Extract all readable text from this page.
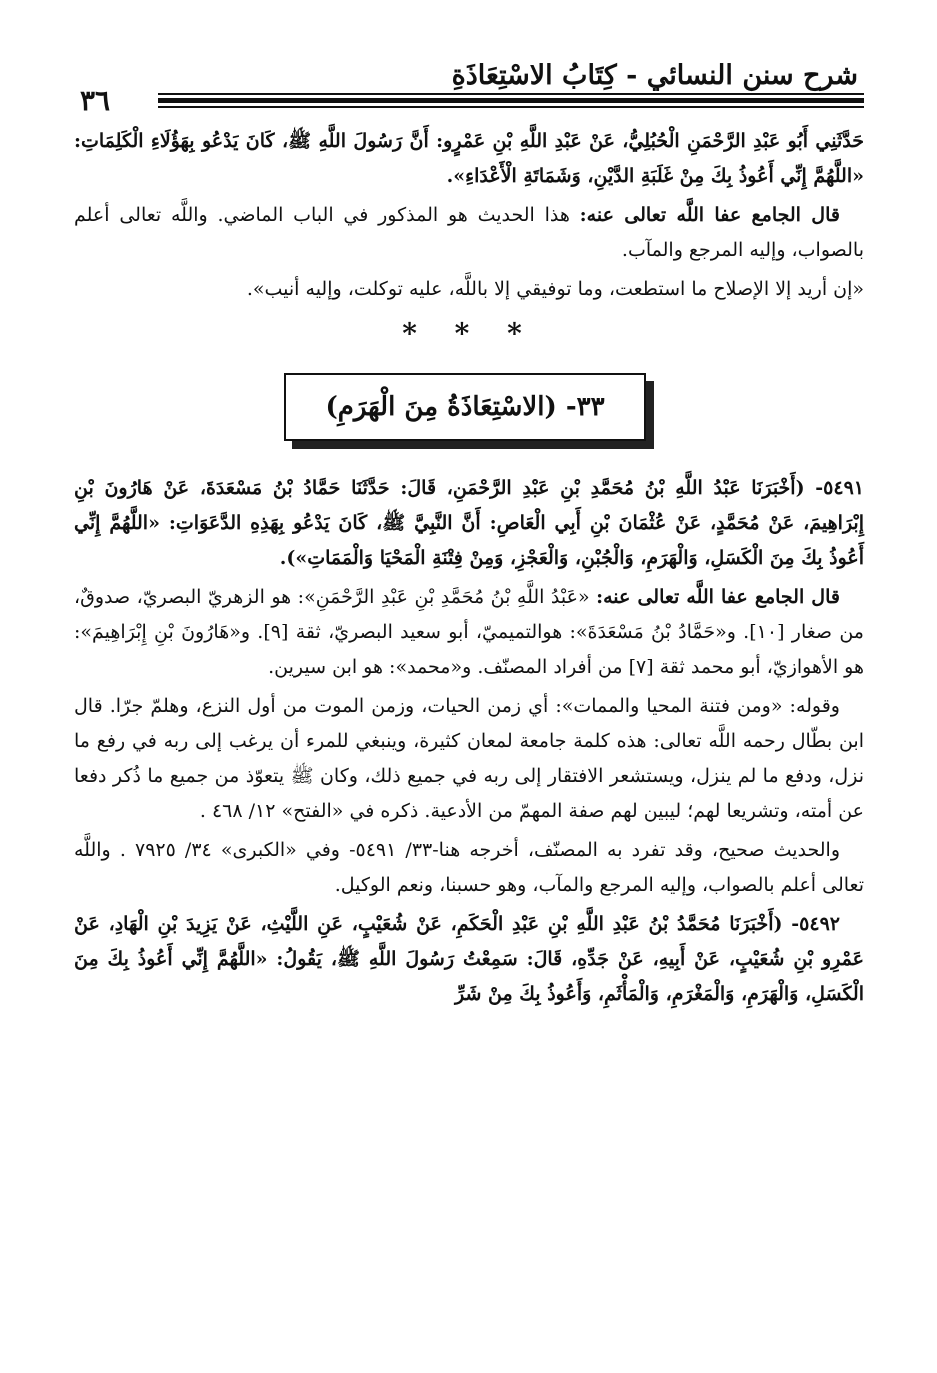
شرح سنن النسائي - كِتَابُ الاسْتِعَاذَةِ
٣٦

حَدَّثَنِي أَبُو عَبْدِ الرَّحْمَنِ الْحُبُلِيُّ، عَنْ عَبْدِ اللَّهِ بْنِ عَمْرٍو: أَنَّ رَسُولَ اللَّهِ ﷺ، كَانَ يَدْعُو بِهَؤُلَاءِ الْكَلِمَاتِ: «اللَّهُمَّ إِنِّي أَعُوذُ بِكَ مِنْ غَلَبَةِ الدَّيْنِ، وَشَمَاتَةِ الْأَعْدَاءِ».

قال الجامع عفا اللَّه تعالى عنه: هذا الحديث هو المذكور في الباب الماضي. واللَّه تعالى أعلم بالصواب، وإليه المرجع والمآب.

«إن أريد إلا الإصلاح ما استطعت، وما توفيقي إلا باللَّه، عليه توكلت، وإليه أنيب».

* * *
٣٣- (الاسْتِعَاذَةُ مِنَ الْهَرَمِ)

٥٤٩١- (أَخْبَرَنَا عَبْدُ اللَّهِ بْنُ مُحَمَّدِ بْنِ عَبْدِ الرَّحْمَنِ، قَالَ: حَدَّثَنَا حَمَّادُ بْنُ مَسْعَدَةَ، عَنْ هَارُونَ بْنِ إِبْرَاهِيمَ، عَنْ مُحَمَّدٍ، عَنْ عُثْمَانَ بْنِ أَبِي الْعَاصِ: أَنَّ النَّبِيَّ ﷺ، كَانَ يَدْعُو بِهَذِهِ الدَّعَوَاتِ: «اللَّهُمَّ إِنِّي أَعُوذُ بِكَ مِنَ الْكَسَلِ، وَالْهَرَمِ، وَالْجُبْنِ، وَالْعَجْزِ، وَمِنْ فِتْنَةِ الْمَحْيَا وَالْمَمَاتِ»).

قال الجامع عفا اللَّه تعالى عنه: «عَبْدُ اللَّهِ بْنُ مُحَمَّدِ بْنِ عَبْدِ الرَّحْمَنِ»: هو الزهريّ البصريّ، صدوقٌ، من صغار [١٠]. و«حَمَّادُ بْنُ مَسْعَدَةَ»: هوالتميميّ، أبو سعيد البصريّ، ثقة [٩]. و«هَارُونَ بْنِ إِبْرَاهِيمَ»: هو الأهوازيّ، أبو محمد ثقة [٧] من أفراد المصنّف. و«محمد»: هو ابن سيرين.

وقوله: «ومن فتنة المحيا والممات»: أي زمن الحيات، وزمن الموت من أول النزع، وهلمّ جرّا. قال ابن بطّال رحمه اللَّه تعالى: هذه كلمة جامعة لمعان كثيرة، وينبغي للمرء أن يرغب إلى ربه في رفع ما نزل، ودفع ما لم ينزل، ويستشعر الافتقار إلى ربه في جميع ذلك، وكان ﷺ يتعوّذ من جميع ما ذُكر دفعا عن أمته، وتشريعا لهم؛ ليبين لهم صفة المهمّ من الأدعية. ذكره في «الفتح» ١٢/ ٤٦٨ .

والحديث صحيح، وقد تفرد به المصنّف، أخرجه هنا-٣٣/ ٥٤٩١- وفي «الكبرى» ٣٤/ ٧٩٢٥ . واللَّه تعالى أعلم بالصواب، وإليه المرجع والمآب، وهو حسبنا، ونعم الوكيل.

٥٤٩٢- (أَخْبَرَنَا مُحَمَّدُ بْنُ عَبْدِ اللَّهِ بْنِ عَبْدِ الْحَكَمِ، عَنْ شُعَيْبٍ، عَنِ اللَّيْثِ، عَنْ يَزِيدَ بْنِ الْهَادِ، عَنْ عَمْرِو بْنِ شُعَيْبٍ، عَنْ أَبِيهِ، عَنْ جَدِّهِ، قَالَ: سَمِعْتُ رَسُولَ اللَّهِ ﷺ، يَقُولُ: «اللَّهُمَّ إِنِّي أَعُوذُ بِكَ مِنَ الْكَسَلِ، وَالْهَرَمِ، وَالْمَغْرَمِ، وَالْمَأْثَمِ، وَأَعُوذُ بِكَ مِنْ شَرِّ
